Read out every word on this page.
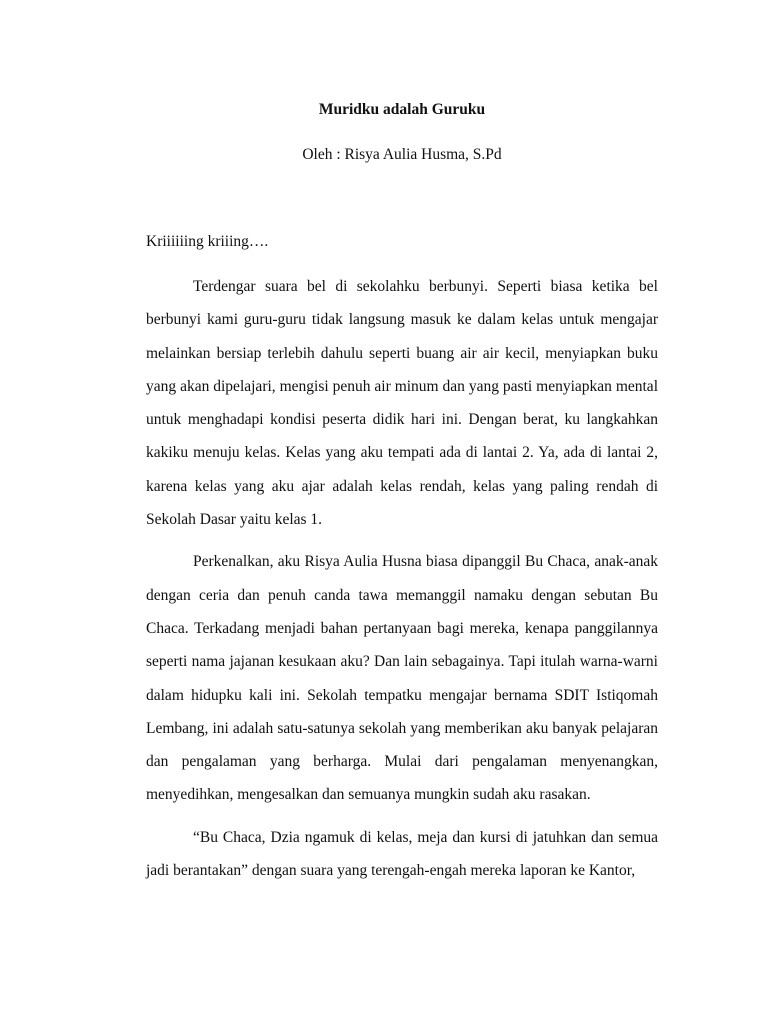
Muridku adalah Guruku
Oleh : Risya Aulia Husma, S.Pd
Kriiiiiing kriiing….

Terdengar suara bel di sekolahku berbunyi. Seperti biasa ketika bel berbunyi kami guru-guru tidak langsung masuk ke dalam kelas untuk mengajar melainkan bersiap terlebih dahulu seperti buang air air kecil, menyiapkan buku yang akan dipelajari, mengisi penuh air minum dan yang pasti menyiapkan mental untuk menghadapi kondisi peserta didik hari ini. Dengan berat, ku langkahkan kakiku menuju kelas. Kelas yang aku tempati ada di lantai 2. Ya, ada di lantai 2, karena kelas yang aku ajar adalah kelas rendah, kelas yang paling rendah di Sekolah Dasar yaitu kelas 1.

Perkenalkan, aku Risya Aulia Husna biasa dipanggil Bu Chaca, anak-anak dengan ceria dan penuh canda tawa memanggil namaku dengan sebutan Bu Chaca. Terkadang menjadi bahan pertanyaan bagi mereka, kenapa panggilannya seperti nama jajanan kesukaan aku? Dan lain sebagainya. Tapi itulah warna-warni dalam hidupku kali ini. Sekolah tempatku mengajar bernama SDIT Istiqomah Lembang, ini adalah satu-satunya sekolah yang memberikan aku banyak pelajaran dan pengalaman yang berharga. Mulai dari pengalaman menyenangkan, menyedihkan, mengesalkan dan semuanya mungkin sudah aku rasakan.

“Bu Chaca, Dzia ngamuk di kelas, meja dan kursi di jatuhkan dan semua jadi berantakan” dengan suara yang terengah-engah mereka laporan ke Kantor,
